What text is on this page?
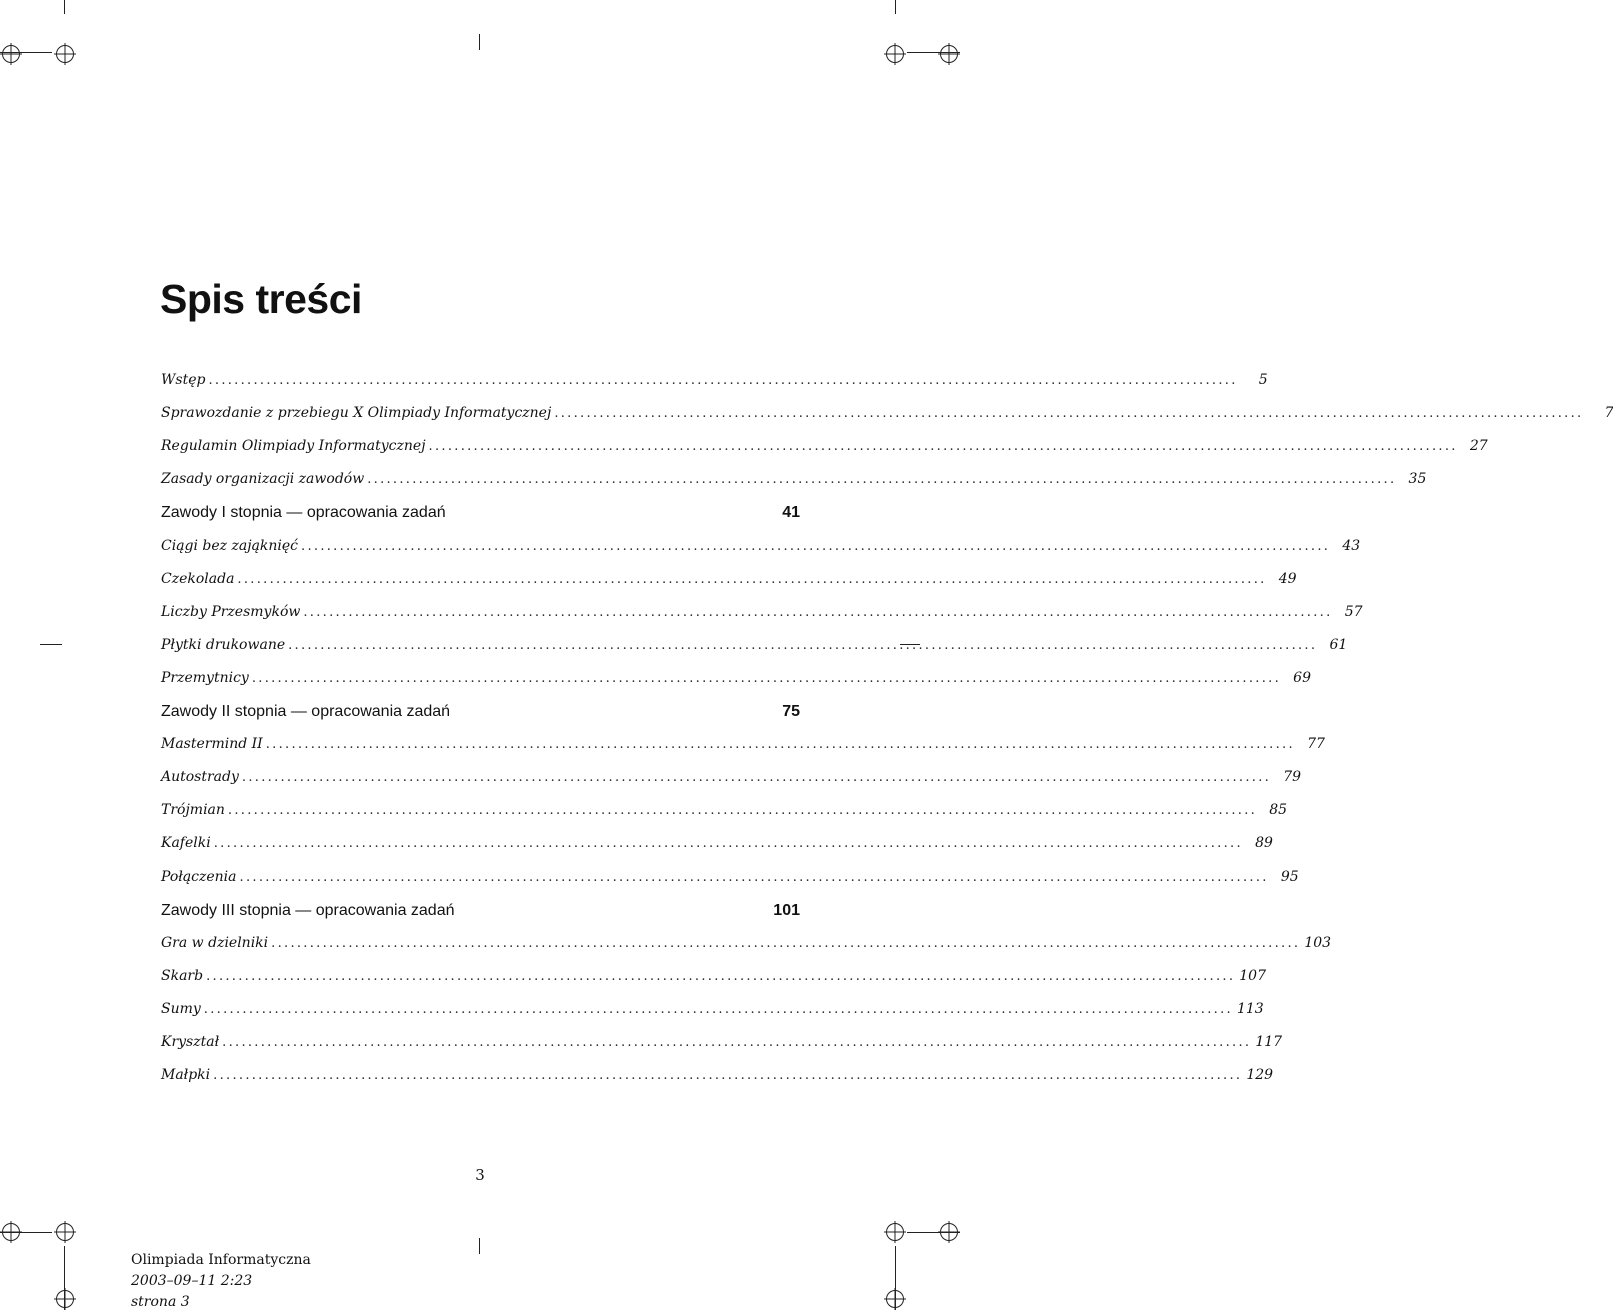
Spis treści
Wstęp ................................................................................................................................................................	5
Sprawozdanie z przebiegu X Olimpiady Informatycznej ................................................................................................................................................................	7
Regulamin Olimpiady Informatycznej ................................................................................................................................................................ 27
Zasady organizacji zawodów ................................................................................................................................................................ 35
Zawody I stopnia — opracowania zadań	41
Ciągi bez zająknięć ................................................................................................................................................................ 43
Czekolada ................................................................................................................................................................ 49
Liczby Przesmyków ................................................................................................................................................................ 57
Płytki drukowane ................................................................................................................................................................ 61
Przemytnicy ................................................................................................................................................................ 69
Zawody II stopnia — opracowania zadań	75
Mastermind II ................................................................................................................................................................ 77
Autostrady ................................................................................................................................................................ 79
Trójmian ................................................................................................................................................................ 85
Kafelki ................................................................................................................................................................ 89
Połączenia ................................................................................................................................................................ 95
Zawody III stopnia — opracowania zadań	101
Gra w dzielniki ................................................................................................................................................................ 103
Skarb ................................................................................................................................................................ 107
Sumy ................................................................................................................................................................ 113
Kryształ ................................................................................................................................................................ 117
Małpki ................................................................................................................................................................ 129
3
Olimpiada Informatyczna
2003–09–11 2:23
strona 3
